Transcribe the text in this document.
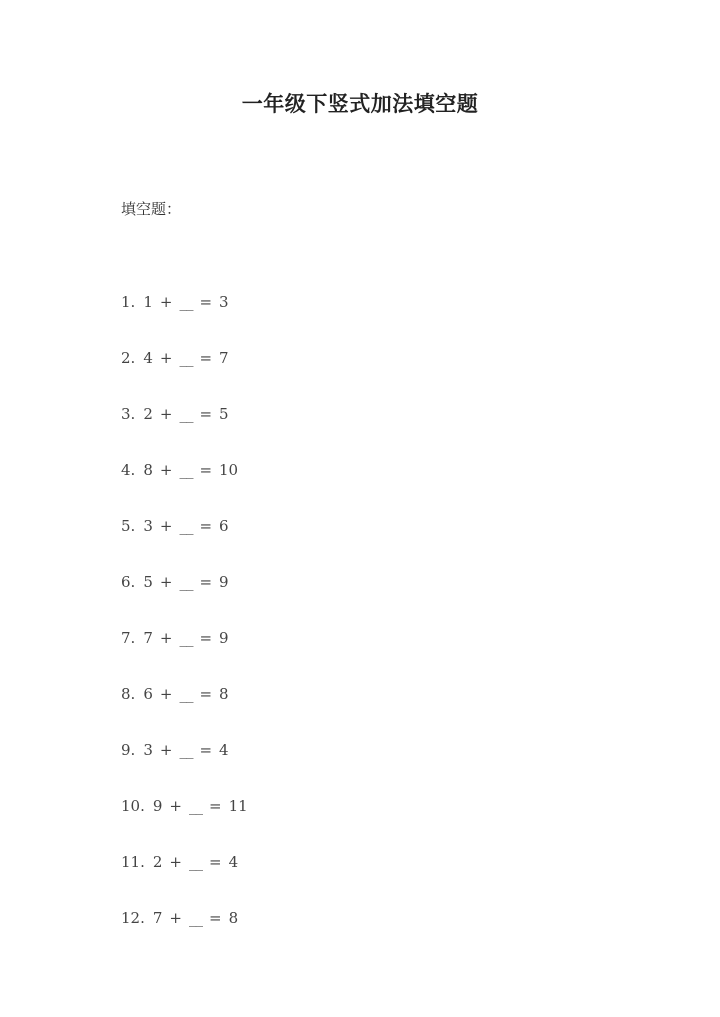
一年级下竖式加法填空题
填空题：
1. 1 + __ = 3
2. 4 + __ = 7
3. 2 + __ = 5
4. 8 + __ = 10
5. 3 + __ = 6
6. 5 + __ = 9
7. 7 + __ = 9
8. 6 + __ = 8
9. 3 + __ = 4
10. 9 + __ = 11
11. 2 + __ = 4
12. 7 + __ = 8
